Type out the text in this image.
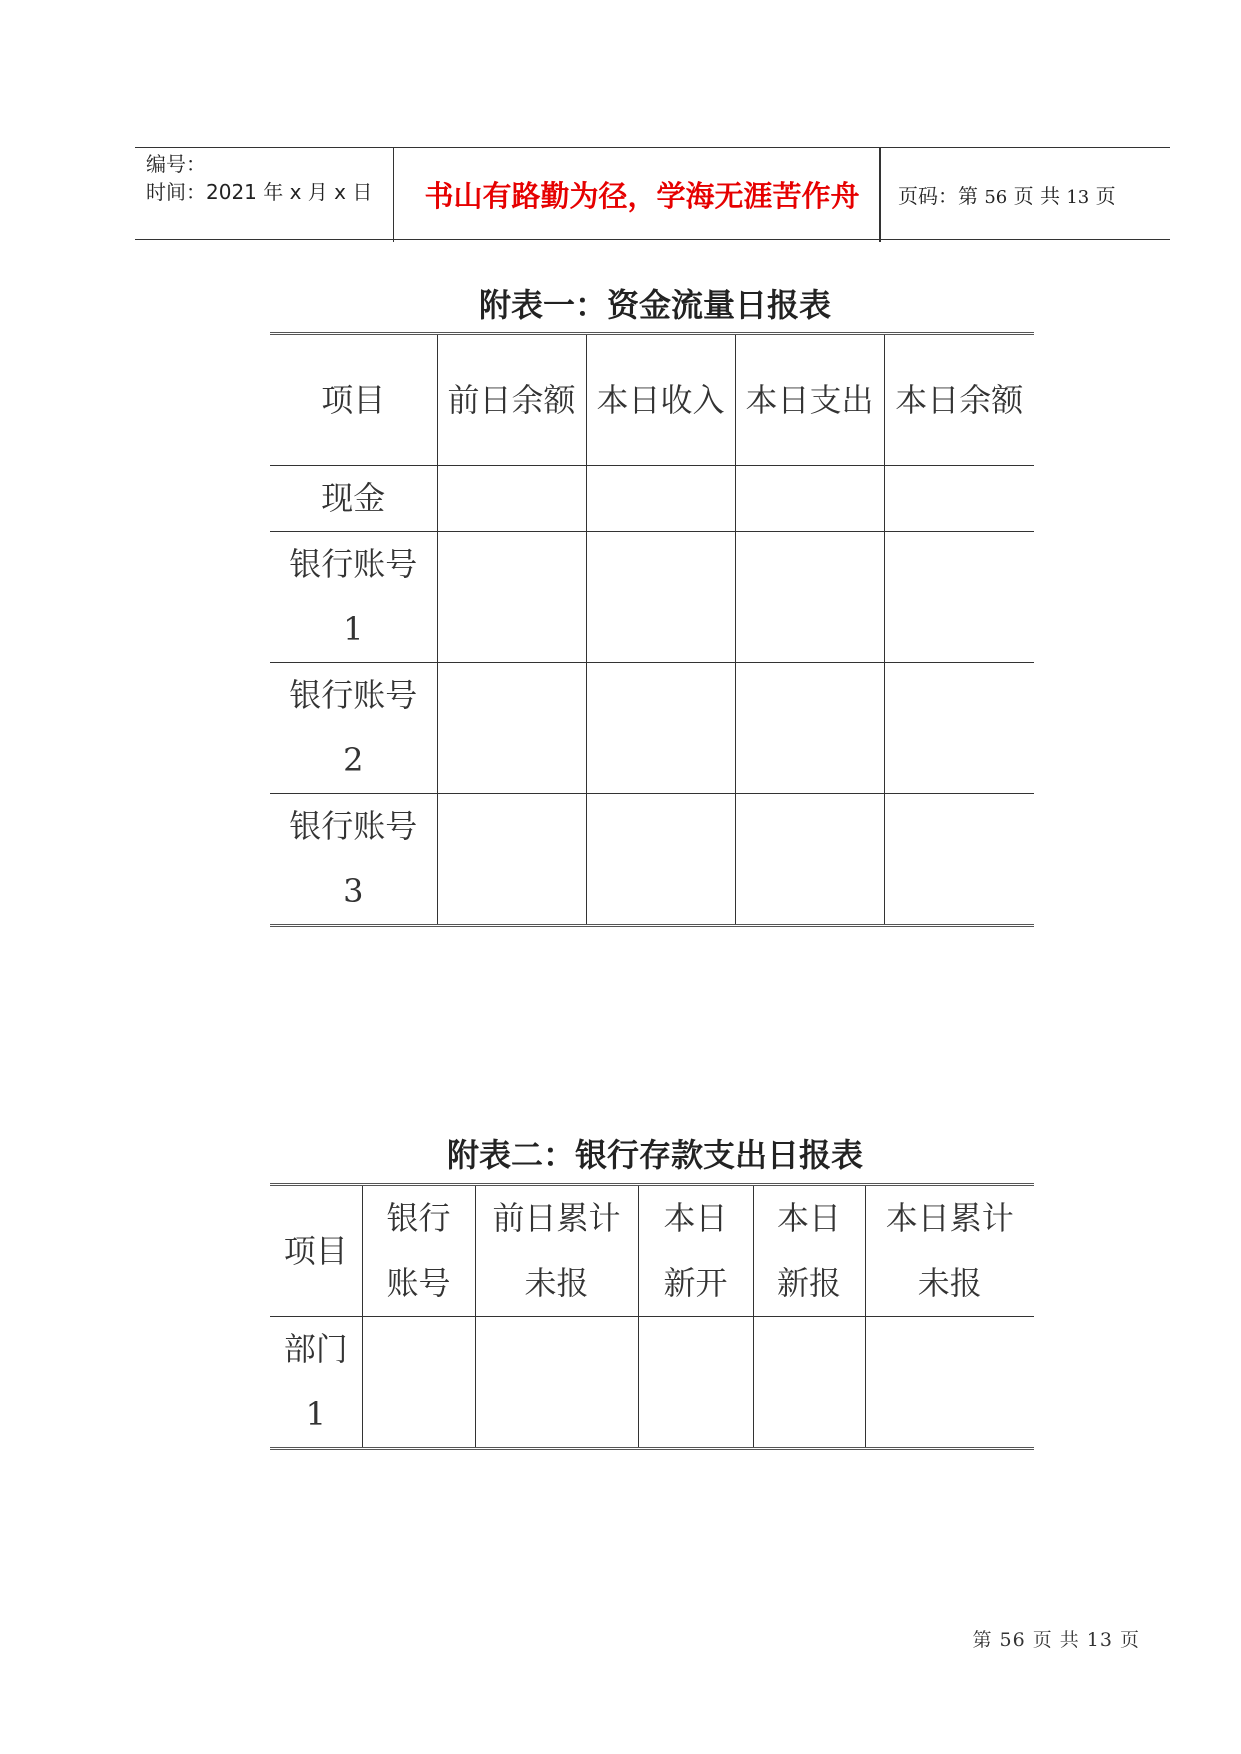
编号：
时间：2021 年 x 月 x 日	书山有路勤为径，学海无涯苦作舟	页码：第 56 页 共 13 页
附表一：资金流量日报表
项目	前日余额	本日收入	本日支出	本日余额
现金				
银行账号1				
银行账号2				
银行账号3				
附表二：银行存款支出日报表
项目	银行账号	前日累计未报	本日新开	本日新报	本日累计未报
部门1					
第 56 页 共 13 页
